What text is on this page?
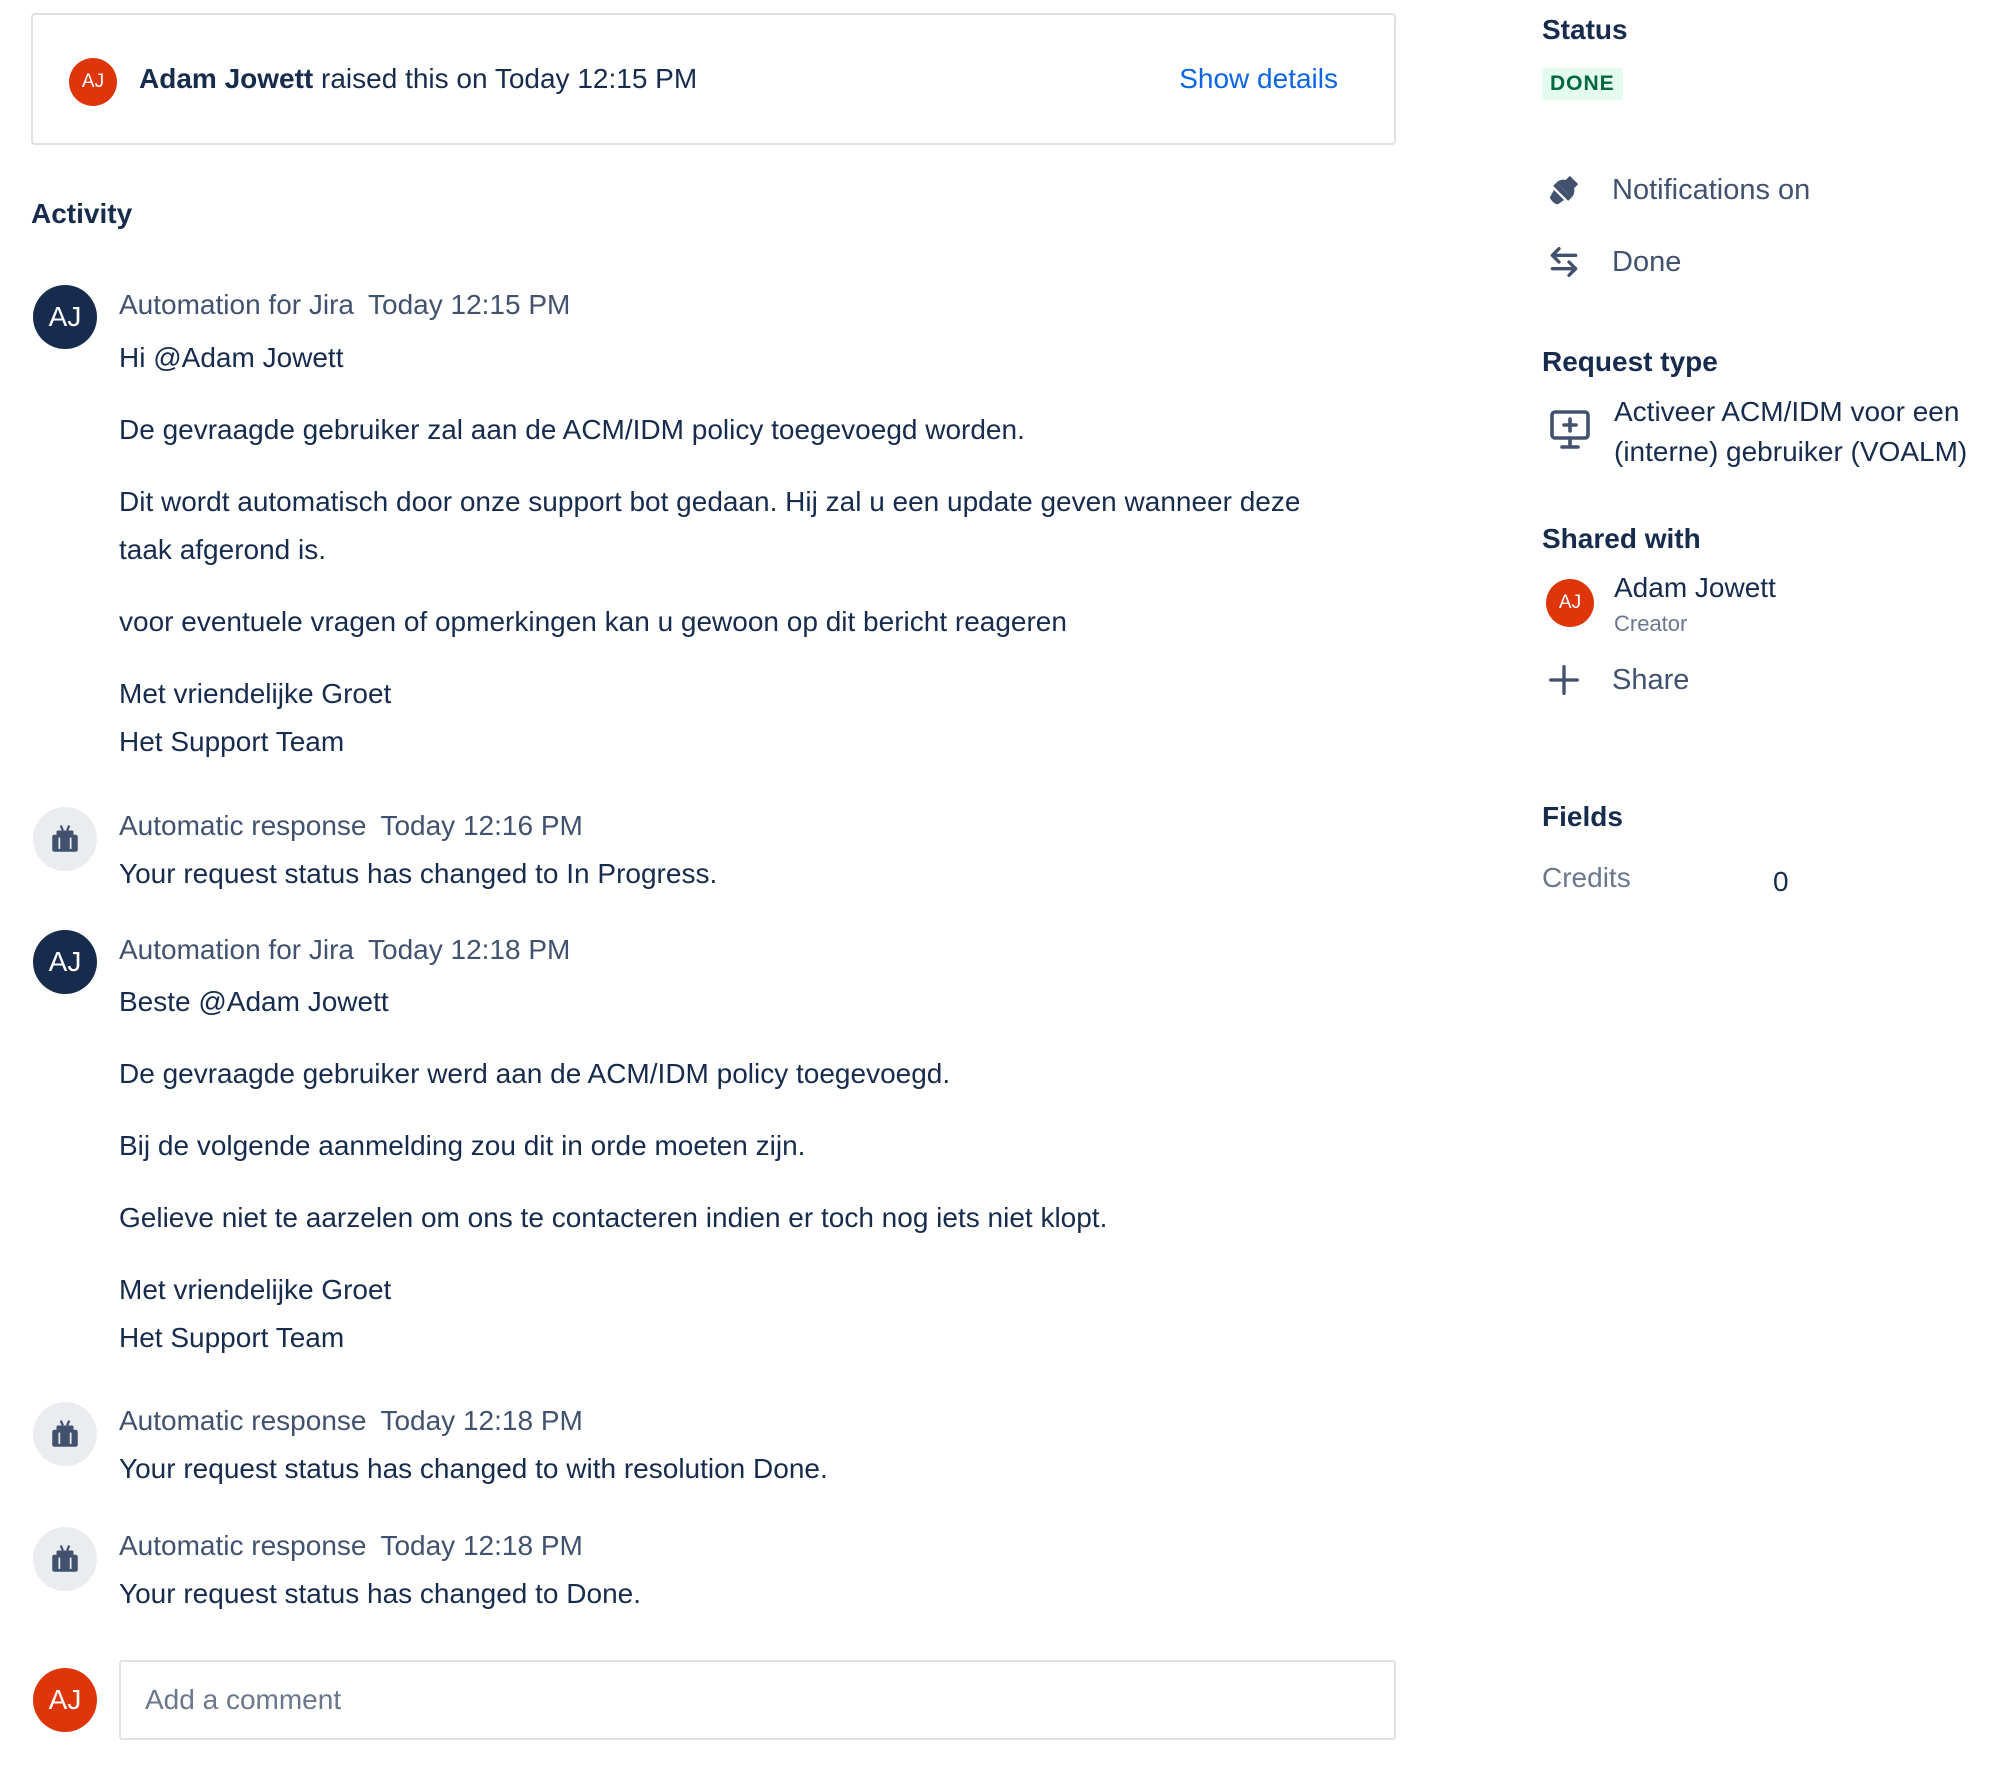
AJ	Adam Jowett raised this on Today 12:15 PM	Show details
Activity
AJ	Automation for Jira Today 12:15 PM

Hi @Adam Jowett

De gevraagde gebruiker zal aan de ACM/IDM policy toegevoegd worden.

Dit wordt automatisch door onze support bot gedaan. Hij zal u een update geven wanneer deze taak afgerond is.

voor eventuele vragen of opmerkingen kan u gewoon op dit bericht reageren

Met vriendelijke Groet

Het Support Team

Automatic response Today 12:16 PM

Your request status has changed to In Progress.

AJ	Automation for Jira Today 12:18 PM

Beste @Adam Jowett

De gevraagde gebruiker werd aan de ACM/IDM policy toegevoegd.

Bij de volgende aanmelding zou dit in orde moeten zijn.

Gelieve niet te aarzelen om ons te contacteren indien er toch nog iets niet klopt.

Met vriendelijke Groet

Het Support Team

Automatic response Today 12:18 PM

Your request status has changed to with resolution Done.

Automatic response Today 12:18 PM

Your request status has changed to Done.

AJ
Add a comment
Status
DONE
Notifications on
Done
Request type
Activeer ACM/IDM voor een (interne) gebruiker (VOALM)
Shared with
AJ	Adam Jowett
Creator
Share
Fields
Credits	0
